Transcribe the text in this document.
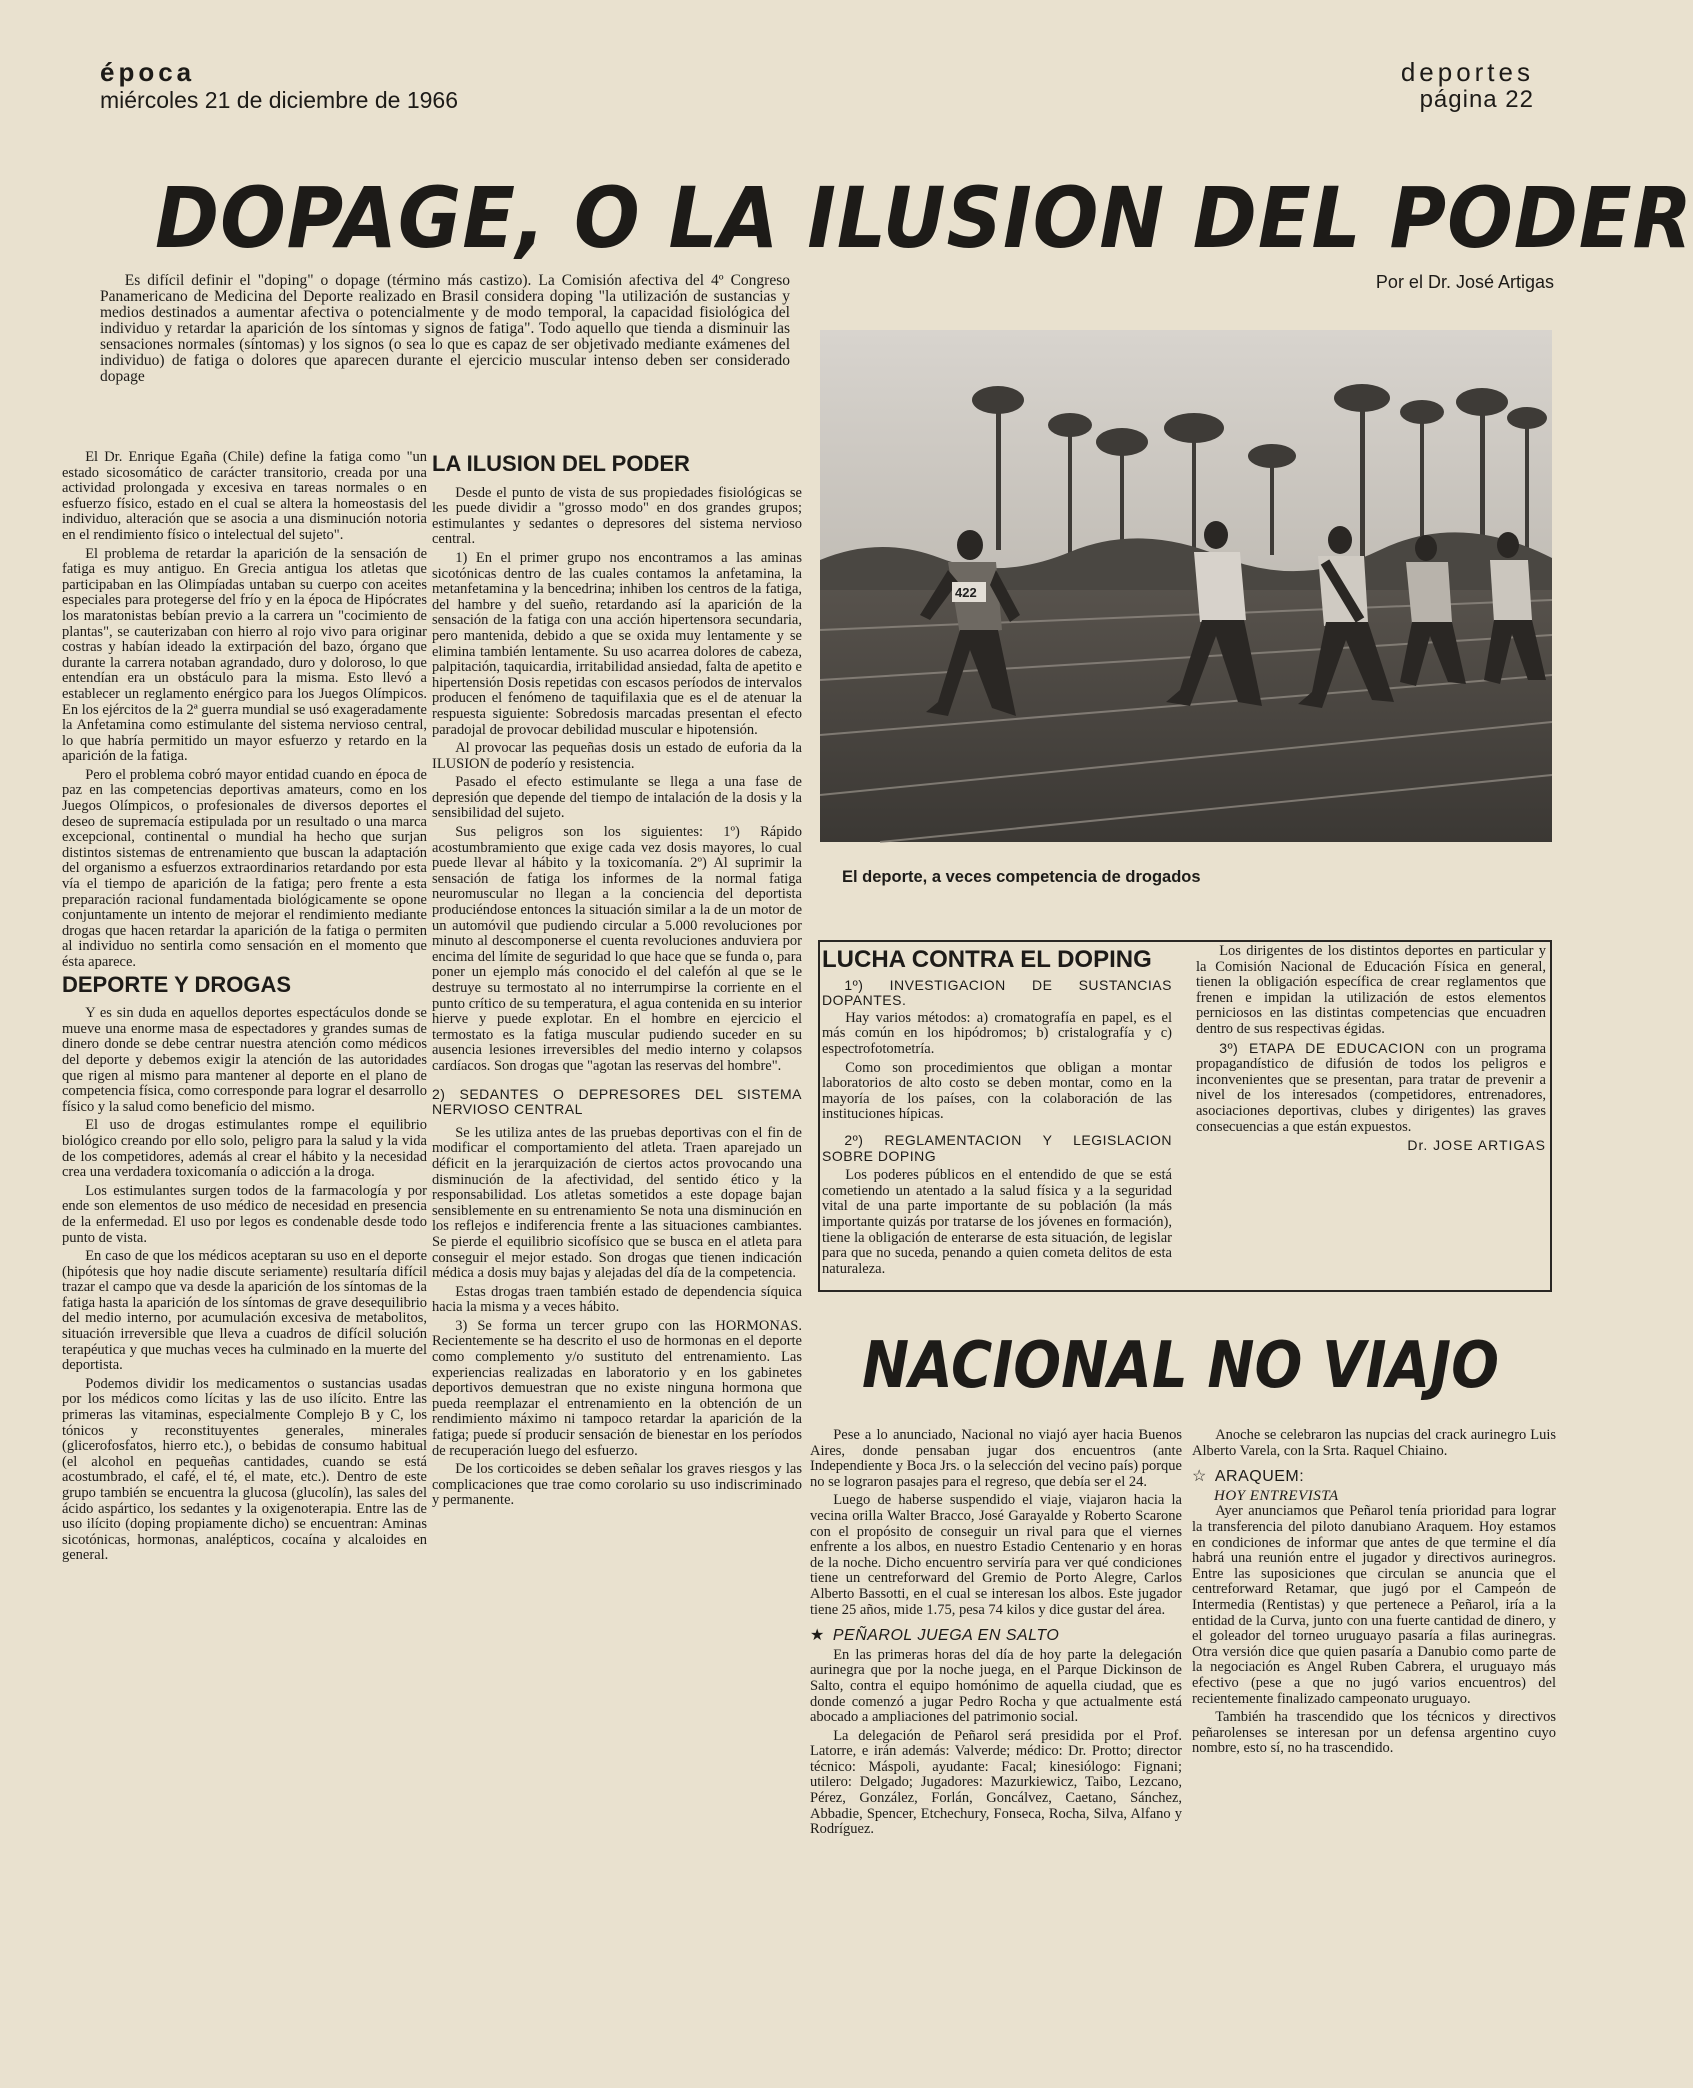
época
miércoles 21 de diciembre de 1966
deportes
página 22
DOPAGE, O LA ILUSION DEL PODER
Por el Dr. José Artigas

Es difícil definir el "doping" o dopage (término más castizo). La Comisión afectiva del 4º Congreso Panamericano de Medicina del Deporte realizado en Brasil considera doping "la utilización de sustancias y medios destinados a aumentar afectiva o potencialmente y de modo temporal, la capacidad fisiológica del individuo y retardar la aparición de los síntomas y signos de fatiga". Todo aquello que tienda a disminuir las sensaciones normales (síntomas) y los signos (o sea lo que es capaz de ser objetivado mediante exámenes del individuo) de fatiga o dolores que aparecen durante el ejercicio muscular intenso deben ser considerado dopage

El Dr. Enrique Egaña (Chile) define la fatiga como "un estado sicosomático de carácter transitorio, creada por una actividad prolongada y excesiva en tareas normales o en esfuerzo físico, estado en el cual se altera la homeostasis del individuo, alteración que se asocia a una disminución notoria en el rendimiento físico o intelectual del sujeto".

El problema de retardar la aparición de la sensación de fatiga es muy antiguo. En Grecia antigua los atletas que participaban en las Olimpíadas untaban su cuerpo con aceites especiales para protegerse del frío y en la época de Hipócrates los maratonistas bebían previo a la carrera un "cocimiento de plantas", se cauterizaban con hierro al rojo vivo para originar costras y habían ideado la extirpación del bazo, órgano que durante la carrera notaban agrandado, duro y doloroso, lo que entendían era un obstáculo para la misma. Esto llevó a establecer un reglamento enérgico para los Juegos Olímpicos. En los ejércitos de la 2ª guerra mundial se usó exageradamente la Anfetamina como estimulante del sistema nervioso central, lo que habría permitido un mayor esfuerzo y retardo en la aparición de la fatiga.

Pero el problema cobró mayor entidad cuando en época de paz en las competencias deportivas amateurs, como en los Juegos Olímpicos, o profesionales de diversos deportes el deseo de supremacía estipulada por un resultado o una marca excepcional, continental o mundial ha hecho que surjan distintos sistemas de entrenamiento que buscan la adaptación del organismo a esfuerzos extraordinarios retardando por esta vía el tiempo de aparición de la fatiga; pero frente a esta preparación racional fundamentada biológicamente se opone conjuntamente un intento de mejorar el rendimiento mediante drogas que hacen retardar la aparición de la fatiga o permiten al individuo no sentirla como sensación en el momento que ésta aparece.

DEPORTE Y DROGAS

Y es sin duda en aquellos deportes espectáculos donde se mueve una enorme masa de espectadores y grandes sumas de dinero donde se debe centrar nuestra atención como médicos del deporte y debemos exigir la atención de las autoridades que rigen al mismo para mantener al deporte en el plano de competencia física, como corresponde para lograr el desarrollo físico y la salud como beneficio del mismo.

El uso de drogas estimulantes rompe el equilibrio biológico creando por ello solo, peligro para la salud y la vida de los competidores, además al crear el hábito y la necesidad crea una verdadera toxicomanía o adicción a la droga.

Los estimulantes surgen todos de la farmacología y por ende son elementos de uso médico de necesidad en presencia de la enfermedad. El uso por legos es condenable desde todo punto de vista.

En caso de que los médicos aceptaran su uso en el deporte (hipótesis que hoy nadie discute seriamente) resultaría difícil trazar el campo que va desde la aparición de los síntomas de la fatiga hasta la aparición de los síntomas de grave desequilibrio del medio interno, por acumulación excesiva de metabolitos, situación irreversible que lleva a cuadros de difícil solución terapéutica y que muchas veces ha culminado en la muerte del deportista.

Podemos dividir los medicamentos o sustancias usadas por los médicos como lícitas y las de uso ilícito. Entre las primeras las vitaminas, especialmente Complejo B y C, los tónicos y reconstituyentes generales, minerales (glicerofosfatos, hierro etc.), o bebidas de consumo habitual (el alcohol en pequeñas cantidades, cuando se está acostumbrado, el café, el té, el mate, etc.). Dentro de este grupo también se encuentra la glucosa (glucolín), las sales del ácido aspártico, los sedantes y la oxigenoterapia. Entre las de uso ilícito (doping propiamente dicho) se encuentran: Aminas sicotónicas, hormonas, analépticos, cocaína y alcaloides en general.

LA ILUSION DEL PODER

Desde el punto de vista de sus propiedades fisiológicas se les puede dividir a "grosso modo" en dos grandes grupos; estimulantes y sedantes o depresores del sistema nervioso central.

1) En el primer grupo nos encontramos a las aminas sicotónicas dentro de las cuales contamos la anfetamina, la metanfetamina y la bencedrina; inhiben los centros de la fatiga, del hambre y del sueño, retardando así la aparición de la sensación de la fatiga con una acción hipertensora secundaria, pero mantenida, debido a que se oxida muy lentamente y se elimina también lentamente. Su uso acarrea dolores de cabeza, palpitación, taquicardia, irritabilidad ansiedad, falta de apetito e hipertensión Dosis repetidas con escasos períodos de intervalos producen el fenómeno de taquifilaxia que es el de atenuar la respuesta siguiente: Sobredosis marcadas presentan el efecto paradojal de provocar debilidad muscular e hipotensión.

Al provocar las pequeñas dosis un estado de euforia da la ILUSION de poderío y resistencia.

Pasado el efecto estimulante se llega a una fase de depresión que depende del tiempo de intalación de la dosis y la sensibilidad del sujeto.

Sus peligros son los siguientes: 1º) Rápido acostumbramiento que exige cada vez dosis mayores, lo cual puede llevar al hábito y la toxicomanía. 2º) Al suprimir la sensación de fatiga los informes de la normal fatiga neuromuscular no llegan a la conciencia del deportista produciéndose entonces la situación similar a la de un motor de un automóvil que pudiendo circular a 5.000 revoluciones por minuto al descomponerse el cuenta revoluciones anduviera por encima del límite de seguridad lo que hace que se funda o, para poner un ejemplo más conocido el del calefón al que se le destruye su termostato al no interrumpirse la corriente en el punto crítico de su temperatura, el agua contenida en su interior hierve y puede explotar. En el hombre en ejercicio el termostato es la fatiga muscular pudiendo suceder en su ausencia lesiones irreversibles del medio interno y colapsos cardíacos. Son drogas que "agotan las reservas del hombre".

2) SEDANTES O DEPRESORES DEL SISTEMA NERVIOSO CENTRAL

Se les utiliza antes de las pruebas deportivas con el fin de modificar el comportamiento del atleta. Traen aparejado un déficit en la jerarquización de ciertos actos provocando una disminución de la afectividad, del sentido ético y la responsabilidad. Los atletas sometidos a este dopage bajan sensiblemente en su entrenamiento Se nota una disminución en los reflejos e indiferencia frente a las situaciones cambiantes. Se pierde el equilibrio sicofísico que se busca en el atleta para conseguir el mejor estado. Son drogas que tienen indicación médica a dosis muy bajas y alejadas del día de la competencia.

Estas drogas traen también estado de dependencia síquica hacia la misma y a veces hábito.

3) Se forma un tercer grupo con las HORMONAS. Recientemente se ha descrito el uso de hormonas en el deporte como complemento y/o sustituto del entrenamiento. Las experiencias realizadas en laboratorio y en los gabinetes deportivos demuestran que no existe ninguna hormona que pueda reemplazar el entrenamiento en la obtención de un rendimiento máximo ni tampoco retardar la aparición de la fatiga; puede sí producir sensación de bienestar en los períodos de recuperación luego del esfuerzo.

De los corticoides se deben señalar los graves riesgos y las complicaciones que trae como corolario su uso indiscriminado y permanente.

422
El deporte, a veces competencia de drogados
LUCHA CONTRA EL DOPING

1º) INVESTIGACION DE SUSTANCIAS DOPANTES.

Hay varios métodos: a) cromatografía en papel, es el más común en los hipódromos; b) cristalografía y c) espectrofotometría.

Como son procedimientos que obligan a montar laboratorios de alto costo se deben montar, como en la mayoría de los países, con la colaboración de las instituciones hípicas.

2º) REGLAMENTACION Y LEGISLACION SOBRE DOPING

Los poderes públicos en el entendido de que se está cometiendo un atentado a la salud física y a la seguridad vital de una parte importante de su población (la más importante quizás por tratarse de los jóvenes en formación), tiene la obligación de enterarse de esta situación, de legislar para que no suceda, penando a quien cometa delitos de esta naturaleza.

Los dirigentes de los distintos deportes en particular y la Comisión Nacional de Educación Física en general, tienen la obligación específica de crear reglamentos que frenen e impidan la utilización de estos elementos perniciosos en las distintas competencias que encuadren dentro de sus respectivas égidas.

3º) ETAPA DE EDUCACION con un programa propagandístico de difusión de todos los peligros e inconvenientes que se presentan, para tratar de prevenir a nivel de los interesados (competidores, entrenadores, asociaciones deportivas, clubes y dirigentes) las graves consecuencias a que están expuestos.

Dr. JOSE ARTIGAS

NACIONAL NO VIAJO

Pese a lo anunciado, Nacional no viajó ayer hacia Buenos Aires, donde pensaban jugar dos encuentros (ante Independiente y Boca Jrs. o la selección del vecino país) porque no se lograron pasajes para el regreso, que debía ser el 24.

Luego de haberse suspendido el viaje, viajaron hacia la vecina orilla Walter Bracco, José Garayalde y Roberto Scarone con el propósito de conseguir un rival para que el viernes enfrente a los albos, en nuestro Estadio Centenario y en horas de la noche. Dicho encuentro serviría para ver qué condiciones tiene un centreforward del Gremio de Porto Alegre, Carlos Alberto Bassotti, en el cual se interesan los albos. Este jugador tiene 25 años, mide 1.75, pesa 74 kilos y dice gustar del área.

★ PEÑAROL JUEGA EN SALTO

En las primeras horas del día de hoy parte la delegación aurinegra que por la noche juega, en el Parque Dickinson de Salto, contra el equipo homónimo de aquella ciudad, que es donde comenzó a jugar Pedro Rocha y que actualmente está abocado a ampliaciones del patrimonio social.

La delegación de Peñarol será presidida por el Prof. Latorre, e irán además: Valverde; médico: Dr. Protto; director técnico: Máspoli, ayudante: Facal; kinesiólogo: Fignani; utilero: Delgado; Jugadores: Mazurkiewicz, Taibo, Lezcano, Pérez, González, Forlán, Goncálvez, Caetano, Sánchez, Abbadie, Spencer, Etchechury, Fonseca, Rocha, Silva, Alfano y Rodríguez.

Anoche se celebraron las nupcias del crack aurinegro Luis Alberto Varela, con la Srta. Raquel Chiaino.

☆ ARAQUEM:
HOY ENTREVISTA

Ayer anunciamos que Peñarol tenía prioridad para lograr la transferencia del piloto danubiano Araquem. Hoy estamos en condiciones de informar que antes de que termine el día habrá una reunión entre el jugador y directivos aurinegros. Entre las suposiciones que circulan se anuncia que el centreforward Retamar, que jugó por el Campeón de Intermedia (Rentistas) y que pertenece a Peñarol, iría a la entidad de la Curva, junto con una fuerte cantidad de dinero, y el goleador del torneo uruguayo pasaría a filas aurinegras. Otra versión dice que quien pasaría a Danubio como parte de la negociación es Angel Ruben Cabrera, el uruguayo más efectivo (pese a que no jugó varios encuentros) del recientemente finalizado campeonato uruguayo.

También ha trascendido que los técnicos y directivos peñarolenses se interesan por un defensa argentino cuyo nombre, esto sí, no ha trascendido.
